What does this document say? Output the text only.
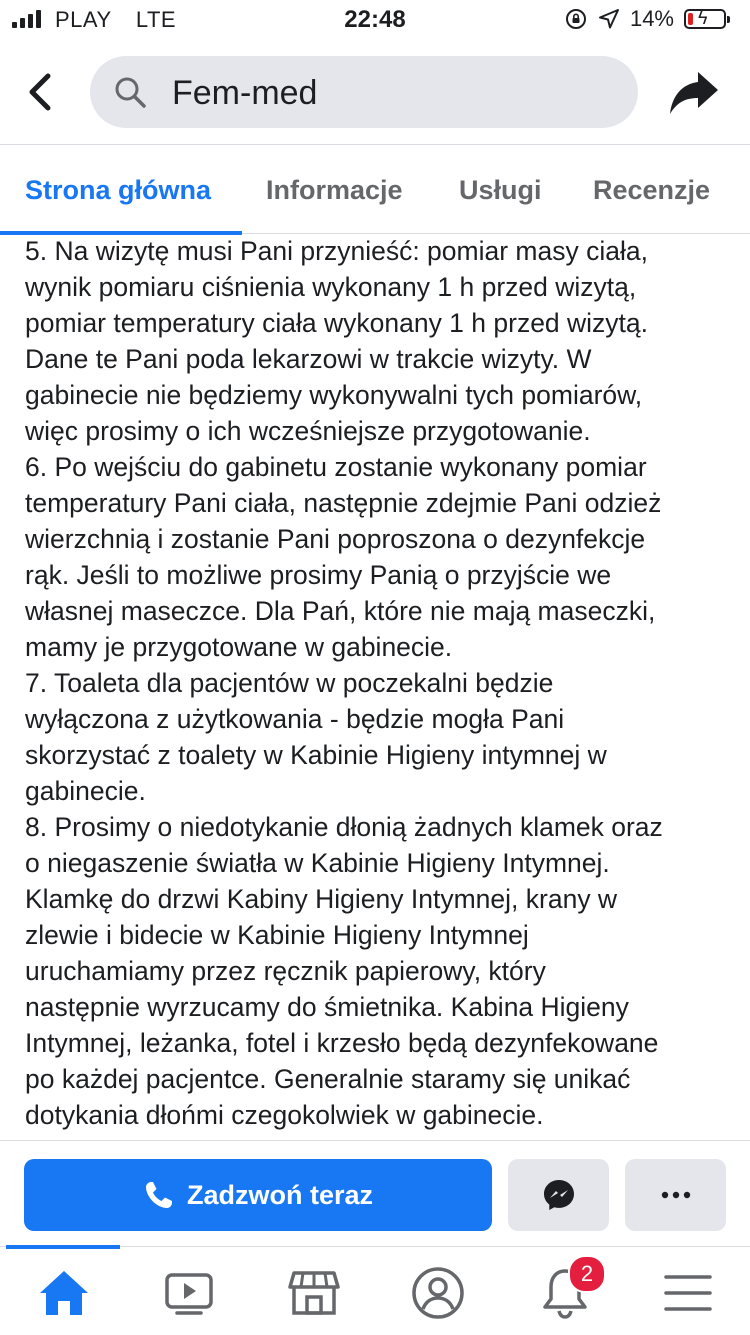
PLAY LTE	22:48	14% ϟ
Fem-med
Strona główna Informacje Usługi Recenzje

5. Na wizytę musi Pani przynieść: pomiar masy ciała,

wynik pomiaru ciśnienia wykonany 1 h przed wizytą,

pomiar temperatury ciała wykonany 1 h przed wizytą.

Dane te Pani poda lekarzowi w trakcie wizyty. W

gabinecie nie będziemy wykonywalni tych pomiarów,

więc prosimy o ich wcześniejsze przygotowanie.

6. Po wejściu do gabinetu zostanie wykonany pomiar

temperatury Pani ciała, następnie zdejmie Pani odzież

wierzchnią i zostanie Pani poproszona o dezynfekcje

rąk. Jeśli to możliwe prosimy Panią o przyjście we

własnej maseczce. Dla Pań, które nie mają maseczki,

mamy je przygotowane w gabinecie.

7. Toaleta dla pacjentów w poczekalni będzie

wyłączona z użytkowania - będzie mogła Pani

skorzystać z toalety w Kabinie Higieny intymnej w

gabinecie.

8. Prosimy o niedotykanie dłonią żadnych klamek oraz

o niegaszenie światła w Kabinie Higieny Intymnej.

Klamkę do drzwi Kabiny Higieny Intymnej, krany w

zlewie i bidecie w Kabinie Higieny Intymnej

uruchamiamy przez ręcznik papierowy, który

następnie wyrzucamy do śmietnika. Kabina Higieny

Intymnej, leżanka, fotel i krzesło będą dezynfekowane

po każdej pacjentce. Generalnie staramy się unikać

dotykania dłońmi czegokolwiek w gabinecie.

Zadzwoń teraz
2
